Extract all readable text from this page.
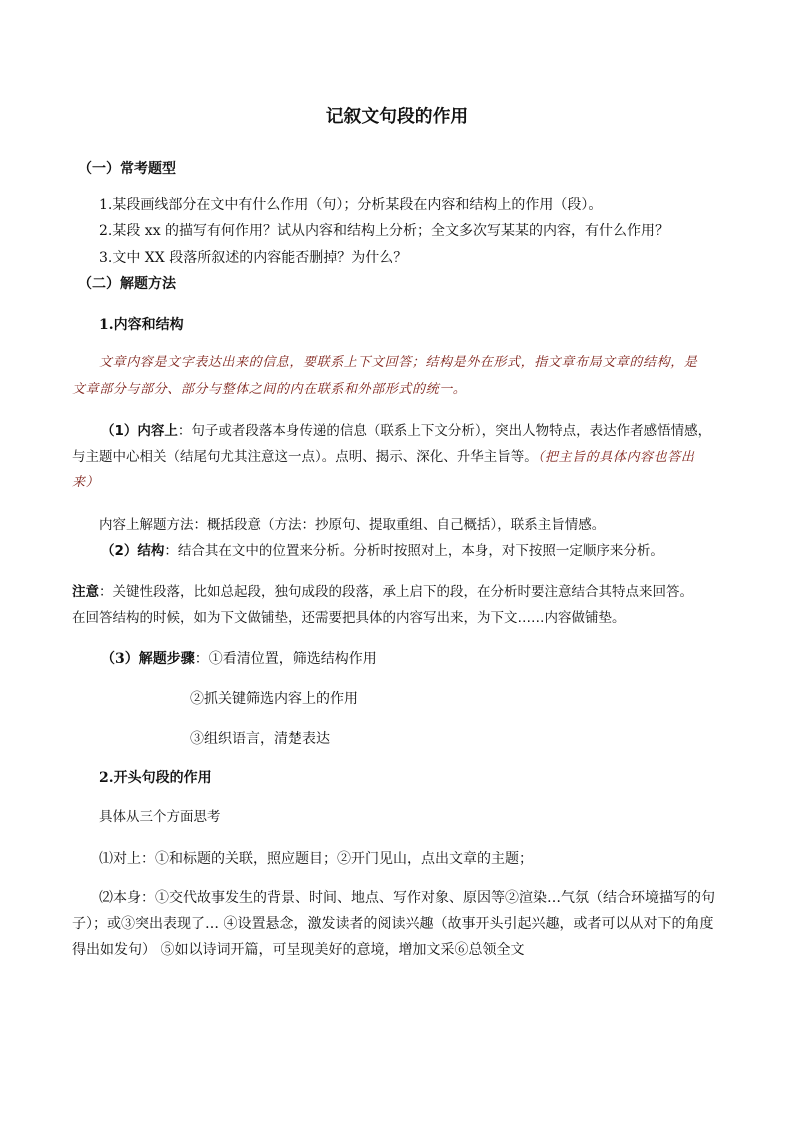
记叙文句段的作用
（一）常考题型
1.某段画线部分在文中有什么作用（句）；分析某段在内容和结构上的作用（段）。
2.某段 xx 的描写有何作用？试从内容和结构上分析；全文多次写某某的内容，有什么作用？
3.文中 XX 段落所叙述的内容能否删掉？为什么？
（二）解题方法
1.内容和结构
文章内容是文字表达出来的信息，要联系上下文回答；结构是外在形式，指文章布局文章的结构，是
文章部分与部分、部分与整体之间的内在联系和外部形式的统一。
（1）内容上：句子或者段落本身传递的信息（联系上下文分析），突出人物特点，表达作者感悟情感，
与主题中心相关（结尾句尤其注意这一点）。点明、揭示、深化、升华主旨等。（把主旨的具体内容也答出
来）
内容上解题方法：概括段意（方法：抄原句、提取重组、自己概括），联系主旨情感。
（2）结构：结合其在文中的位置来分析。分析时按照对上，本身，对下按照一定顺序来分析。
注意：关键性段落，比如总起段，独句成段的段落，承上启下的段，在分析时要注意结合其特点来回答。
在回答结构的时候，如为下文做铺垫，还需要把具体的内容写出来，为下文……内容做铺垫。
（3）解题步骤：①看清位置，筛选结构作用
②抓关键筛选内容上的作用
③组织语言，清楚表达
2.开头句段的作用
具体从三个方面思考
⑴对上：①和标题的关联，照应题目；②开门见山，点出文章的主题；
⑵本身：①交代故事发生的背景、时间、地点、写作对象、原因等②渲染…气氛（结合环境描写的句
子）；或③突出表现了… ④设置悬念，激发读者的阅读兴趣（故事开头引起兴趣，或者可以从对下的角度
得出如发句） ⑤如以诗词开篇，可呈现美好的意境，增加文采⑥总领全文
